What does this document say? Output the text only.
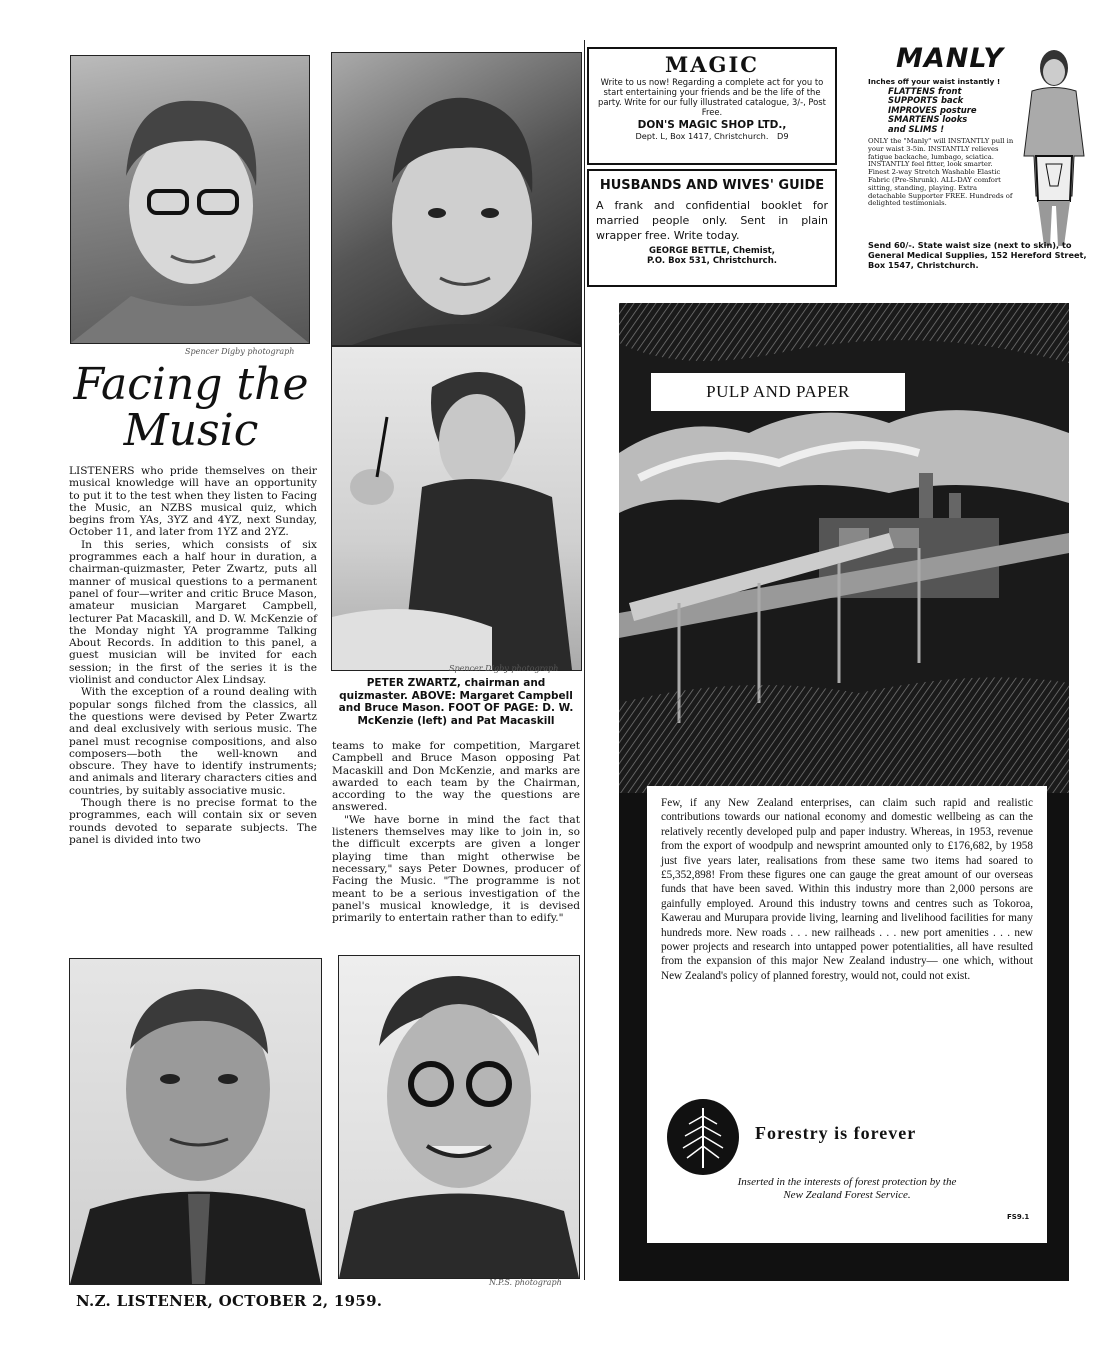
Spencer Digby photograph
Spencer Digby photograph
Facing the
Music

LISTENERS who pride themselves on their musical knowledge will have an opportunity to put it to the test when they listen to Facing the Music, an NZBS musical quiz, which begins from YAs, 3YZ and 4YZ, next Sunday, October 11, and later from 1YZ and 2YZ.

In this series, which consists of six programmes each a half hour in duration, a chairman-quizmaster, Peter Zwartz, puts all manner of musical questions to a permanent panel of four—writer and critic Bruce Mason, amateur musician Margaret Campbell, lecturer Pat Macaskill, and D. W. McKenzie of the Monday night YA programme Talking About Records. In addition to this panel, a guest musician will be invited for each session; in the first of the series it is the violinist and conductor Alex Lindsay.

With the exception of a round dealing with popular songs filched from the classics, all the questions were devised by Peter Zwartz and deal exclusively with serious music. The panel must recognise compositions, and also composers—both the well-known and obscure. They have to identify instruments; and animals and literary characters cities and countries, by suitably associative music.

Though there is no precise format to the programmes, each will contain six or seven rounds devoted to separate subjects. The panel is divided into two

PETER ZWARTZ, chairman and quizmaster. ABOVE: Margaret Campbell and Bruce Mason. FOOT OF PAGE: D. W. McKenzie (left) and Pat Macaskill

teams to make for competition, Margaret Campbell and Bruce Mason opposing Pat Macaskill and Don McKenzie, and marks are awarded to each team by the Chairman, according to the way the questions are answered.

"We have borne in mind the fact that listeners themselves may like to join in, so the difficult excerpts are given a longer playing time than might otherwise be necessary," says Peter Downes, producer of Facing the Music. "The programme is not meant to be a serious investigation of the panel's musical knowledge, it is devised primarily to entertain rather than to edify."

N.P.S. photograph
MAGIC
Write to us now! Regarding a complete act for you to start entertaining your friends and be the life of the party. Write for our fully illustrated catalogue, 3/-, Post Free.
DON'S MAGIC SHOP LTD.,
Dept. L, Box 1417, Christchurch. D9
HUSBANDS AND WIVES' GUIDE
A frank and confidential booklet for married people only. Sent in plain wrapper free. Write today.
GEORGE BETTLE, Chemist,
P.O. Box 531, Christchurch.
MANLY
Inches off your waist instantly !
FLATTENS front
SUPPORTS back
IMPROVES posture
SMARTENS looks
and SLIMS !
ONLY the "Manly" will INSTANTLY pull in your waist 3-5in. INSTANTLY relieves fatigue backache, lumbago, sciatica. INSTANTLY feel fitter, look smarter. Finest 2-way Stretch Washable Elastic Fabric (Pre-Shrunk). ALL-DAY comfort sitting, standing, playing. Extra detachable Supporter FREE. Hundreds of delighted testimonials.
Send 60/-. State waist size (next to skin), to General Medical Supplies, 152 Hereford Street, Box 1547, Christchurch.
PULP AND PAPER
Few, if any New Zealand enterprises, can claim such rapid and realistic contributions towards our national economy and domestic wellbeing as can the relatively recently developed pulp and paper industry. Whereas, in 1953, revenue from the export of woodpulp and newsprint amounted only to £176,682, by 1958 just five years later, realisations from these same two items had soared to £5,352,898! From these figures one can gauge the great amount of our overseas funds that have been saved. Within this industry more than 2,000 persons are gainfully employed. Around this industry towns and centres such as Tokoroa, Kawerau and Murupara provide living, learning and livelihood facilities for many hundreds more. New roads . . . new railheads . . . new port amenities . . . new power projects and research into untapped power potentialities, all have resulted from the expansion of this major New Zealand industry— one which, without New Zealand's policy of planned forestry, would not, could not exist.
Forestry is forever
Inserted in the interests of forest protection by the New Zealand Forest Service.
FS9.1
N.Z. LISTENER, OCTOBER 2, 1959.
